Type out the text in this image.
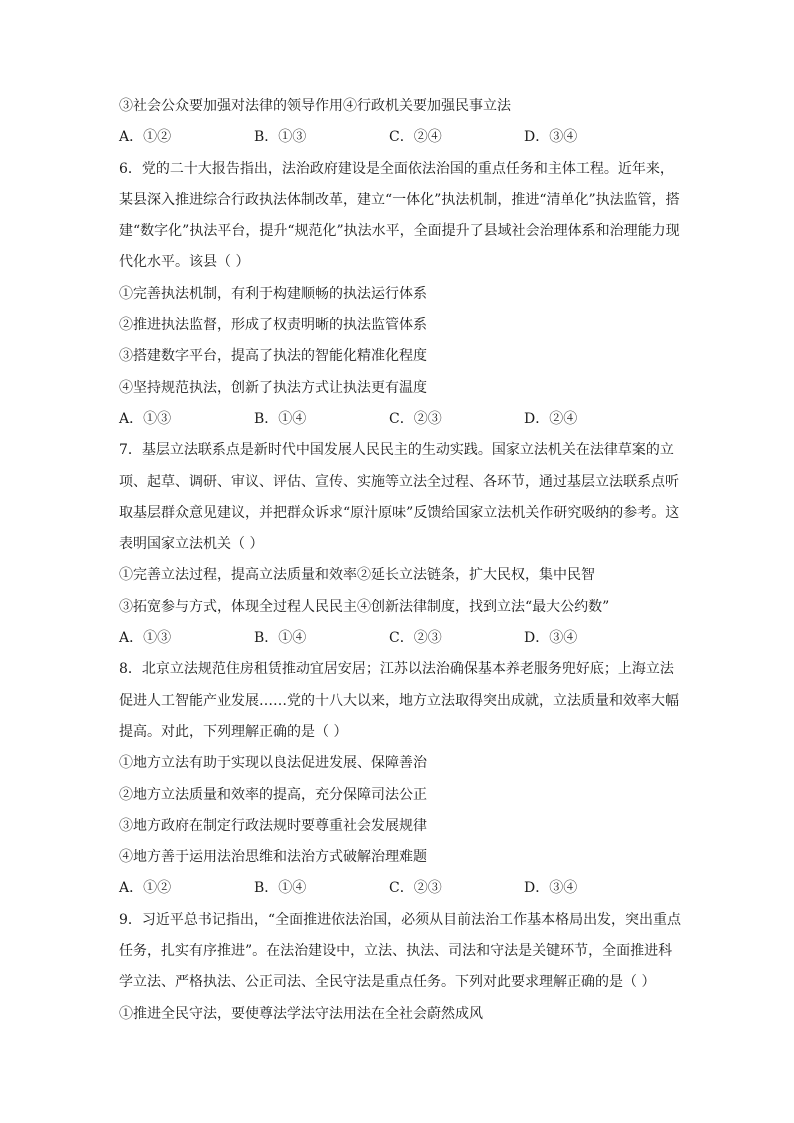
③社会公众要加强对法律的领导作用④行政机关要加强民事立法
A．①②	B．①③	C．②④	D．③④
6．党的二十大报告指出，法治政府建设是全面依法治国的重点任务和主体工程。近年来，
某县深入推进综合行政执法体制改革，建立“一体化”执法机制，推进“清单化”执法监管，搭
建“数字化”执法平台，提升“规范化”执法水平，全面提升了县域社会治理体系和治理能力现
代化水平。该县（ ）
①完善执法机制，有利于构建顺畅的执法运行体系
②推进执法监督，形成了权责明晰的执法监管体系
③搭建数字平台，提高了执法的智能化精准化程度
④坚持规范执法，创新了执法方式让执法更有温度
A．①③	B．①④	C．②③	D．②④
7．基层立法联系点是新时代中国发展人民民主的生动实践。国家立法机关在法律草案的立
项、起草、调研、审议、评估、宣传、实施等立法全过程、各环节，通过基层立法联系点听
取基层群众意见建议，并把群众诉求“原汁原味”反馈给国家立法机关作研究吸纳的参考。这
表明国家立法机关（ ）
①完善立法过程，提高立法质量和效率②延长立法链条，扩大民权，集中民智
③拓宽参与方式，体现全过程人民民主④创新法律制度，找到立法“最大公约数”
A．①③	B．①④	C．②③	D．③④
8．北京立法规范住房租赁推动宜居安居；江苏以法治确保基本养老服务兜好底；上海立法
促进人工智能产业发展……党的十八大以来，地方立法取得突出成就，立法质量和效率大幅
提高。对此，下列理解正确的是（ ）
①地方立法有助于实现以良法促进发展、保障善治
②地方立法质量和效率的提高，充分保障司法公正
③地方政府在制定行政法规时要尊重社会发展规律
④地方善于运用法治思维和法治方式破解治理难题
A．①②	B．①④	C．②③	D．③④
9．习近平总书记指出，“全面推进依法治国，必须从目前法治工作基本格局出发，突出重点
任务，扎实有序推进”。在法治建设中，立法、执法、司法和守法是关键环节，全面推进科
学立法、严格执法、公正司法、全民守法是重点任务。下列对此要求理解正确的是（ ）
①推进全民守法，要使尊法学法守法用法在全社会蔚然成风
